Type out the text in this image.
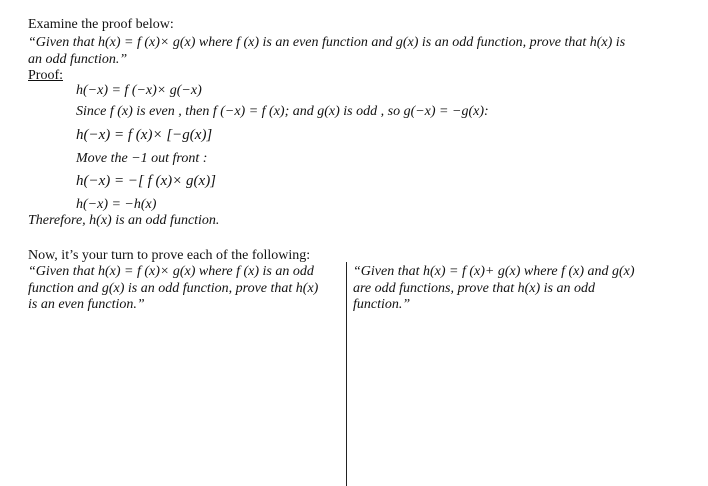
Examine the proof below:
“Given that h(x) = f (x)× g(x) where f (x) is an even function and g(x) is an odd function, prove that h(x) is
an odd function.”
Proof:
h(−x) = f (−x)× g(−x)
Since f (x) is even , then f (−x) = f (x); and g(x) is odd , so g(−x) = −g(x):
h(−x) = f (x)× [−g(x)]
Move the −1 out front :
h(−x) = −[ f (x)× g(x)]
h(−x) = −h(x)
Therefore, h(x) is an odd function.
Now, it’s your turn to prove each of the following:
“Given that h(x) = f (x)× g(x) where f (x) is an odd
function and g(x) is an odd function, prove that h(x)
is an even function.”
“Given that h(x) = f (x)+ g(x) where f (x) and g(x)
are odd functions, prove that h(x) is an odd
function.”
